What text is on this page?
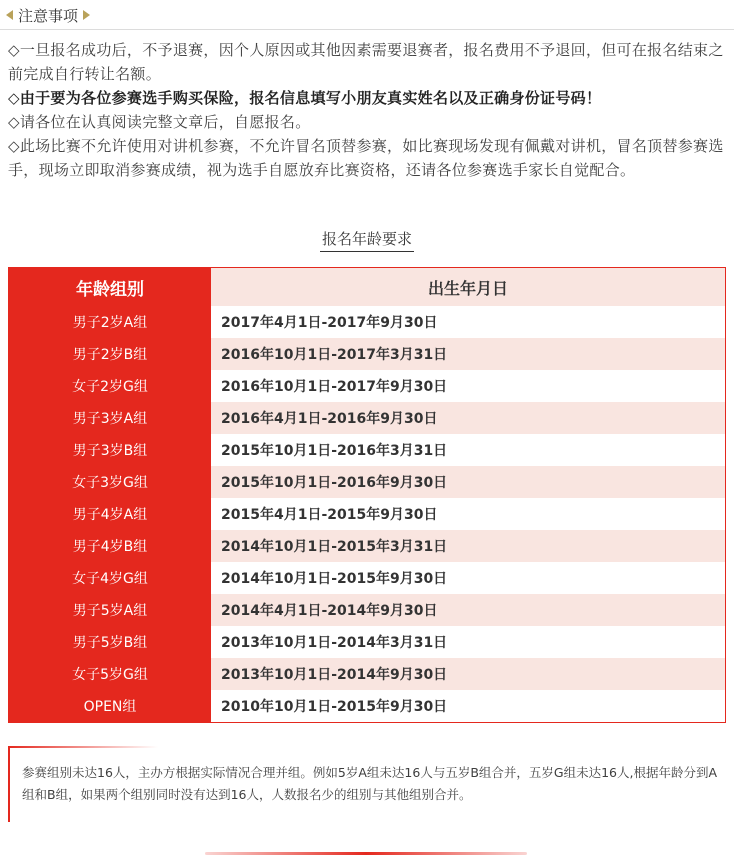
注意事项

◇一旦报名成功后，不予退赛，因个人原因或其他因素需要退赛者，报名费用不予退回，但可在报名结束之前完成自行转让名额。

◇由于要为各位参赛选手购买保险，报名信息填写小朋友真实姓名以及正确身份证号码！

◇请各位在认真阅读完整文章后，自愿报名。

◇此场比赛不允许使用对讲机参赛，不允许冒名顶替参赛，如比赛现场发现有佩戴对讲机，冒名顶替参赛选手，现场立即取消参赛成绩，视为选手自愿放弃比赛资格，还请各位参赛选手家长自觉配合。

报名年龄要求
年龄组别	出生年月日
男子2岁A组	2017年4月1日-2017年9月30日
男子2岁B组	2016年10月1日-2017年3月31日
女子2岁G组	2016年10月1日-2017年9月30日
男子3岁A组	2016年4月1日-2016年9月30日
男子3岁B组	2015年10月1日-2016年3月31日
女子3岁G组	2015年10月1日-2016年9月30日
男子4岁A组	2015年4月1日-2015年9月30日
男子4岁B组	2014年10月1日-2015年3月31日
女子4岁G组	2014年10月1日-2015年9月30日
男子5岁A组	2014年4月1日-2014年9月30日
男子5岁B组	2013年10月1日-2014年3月31日
女子5岁G组	2013年10月1日-2014年9月30日
OPEN组	2010年10月1日-2015年9月30日
参赛组别未达16人，主办方根据实际情况合理并组。例如5岁A组未达16人与五岁B组合并，五岁G组未达16人,根据年龄分到A组和B组，如果两个组别同时没有达到16人，人数报名少的组别与其他组别合并。
